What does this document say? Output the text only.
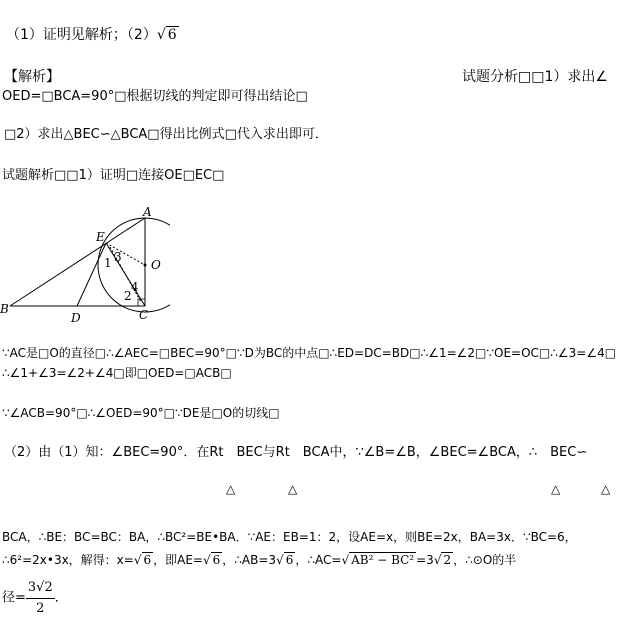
（1）证明见解析；（2）√ 6
【解析】	试题分析□□1）求出∠
OED=□BCA=90°□根据切线的判定即可得出结论□
□2）求出△BEC∽△BCA□得出比例式□代入求出即可．
试题解析□□1）证明□连接OE□EC□
A
B	C
D
E
O
1
2
3
4
∵AC是□O的直径□∴∠AEC=□BEC=90°□∵D为BC的中点□∴ED=DC=BD□∴∠1=∠2□∵OE=OC□∴∠3=∠4□
∴∠1+∠3=∠2+∠4□即□OED=□ACB□
∵∠ACB=90°□∴∠OED=90°□∵DE是□O的切线□
（2）由（1）知：∠BEC=90°．在Rt　BEC与Rt　BCA中，∵∠B=∠B，∠BEC=∠BCA，∴　BEC∽
△	△	△	△
BCA，∴BE：BC=BC：BA，∴BC²=BE•BA．∵AE：EB=1：2，设AE=x，则BE=2x，BA=3x．∵BC=6，
∴6²=2x•3x，解得：x=√ 6 ，即AE=√ 6 ，∴AB=3√ 6 ，∴AC=√ AB² − BC² =3√ 2 ，∴⊙O的半
径= $\frac{3√2}{2}$ ．
